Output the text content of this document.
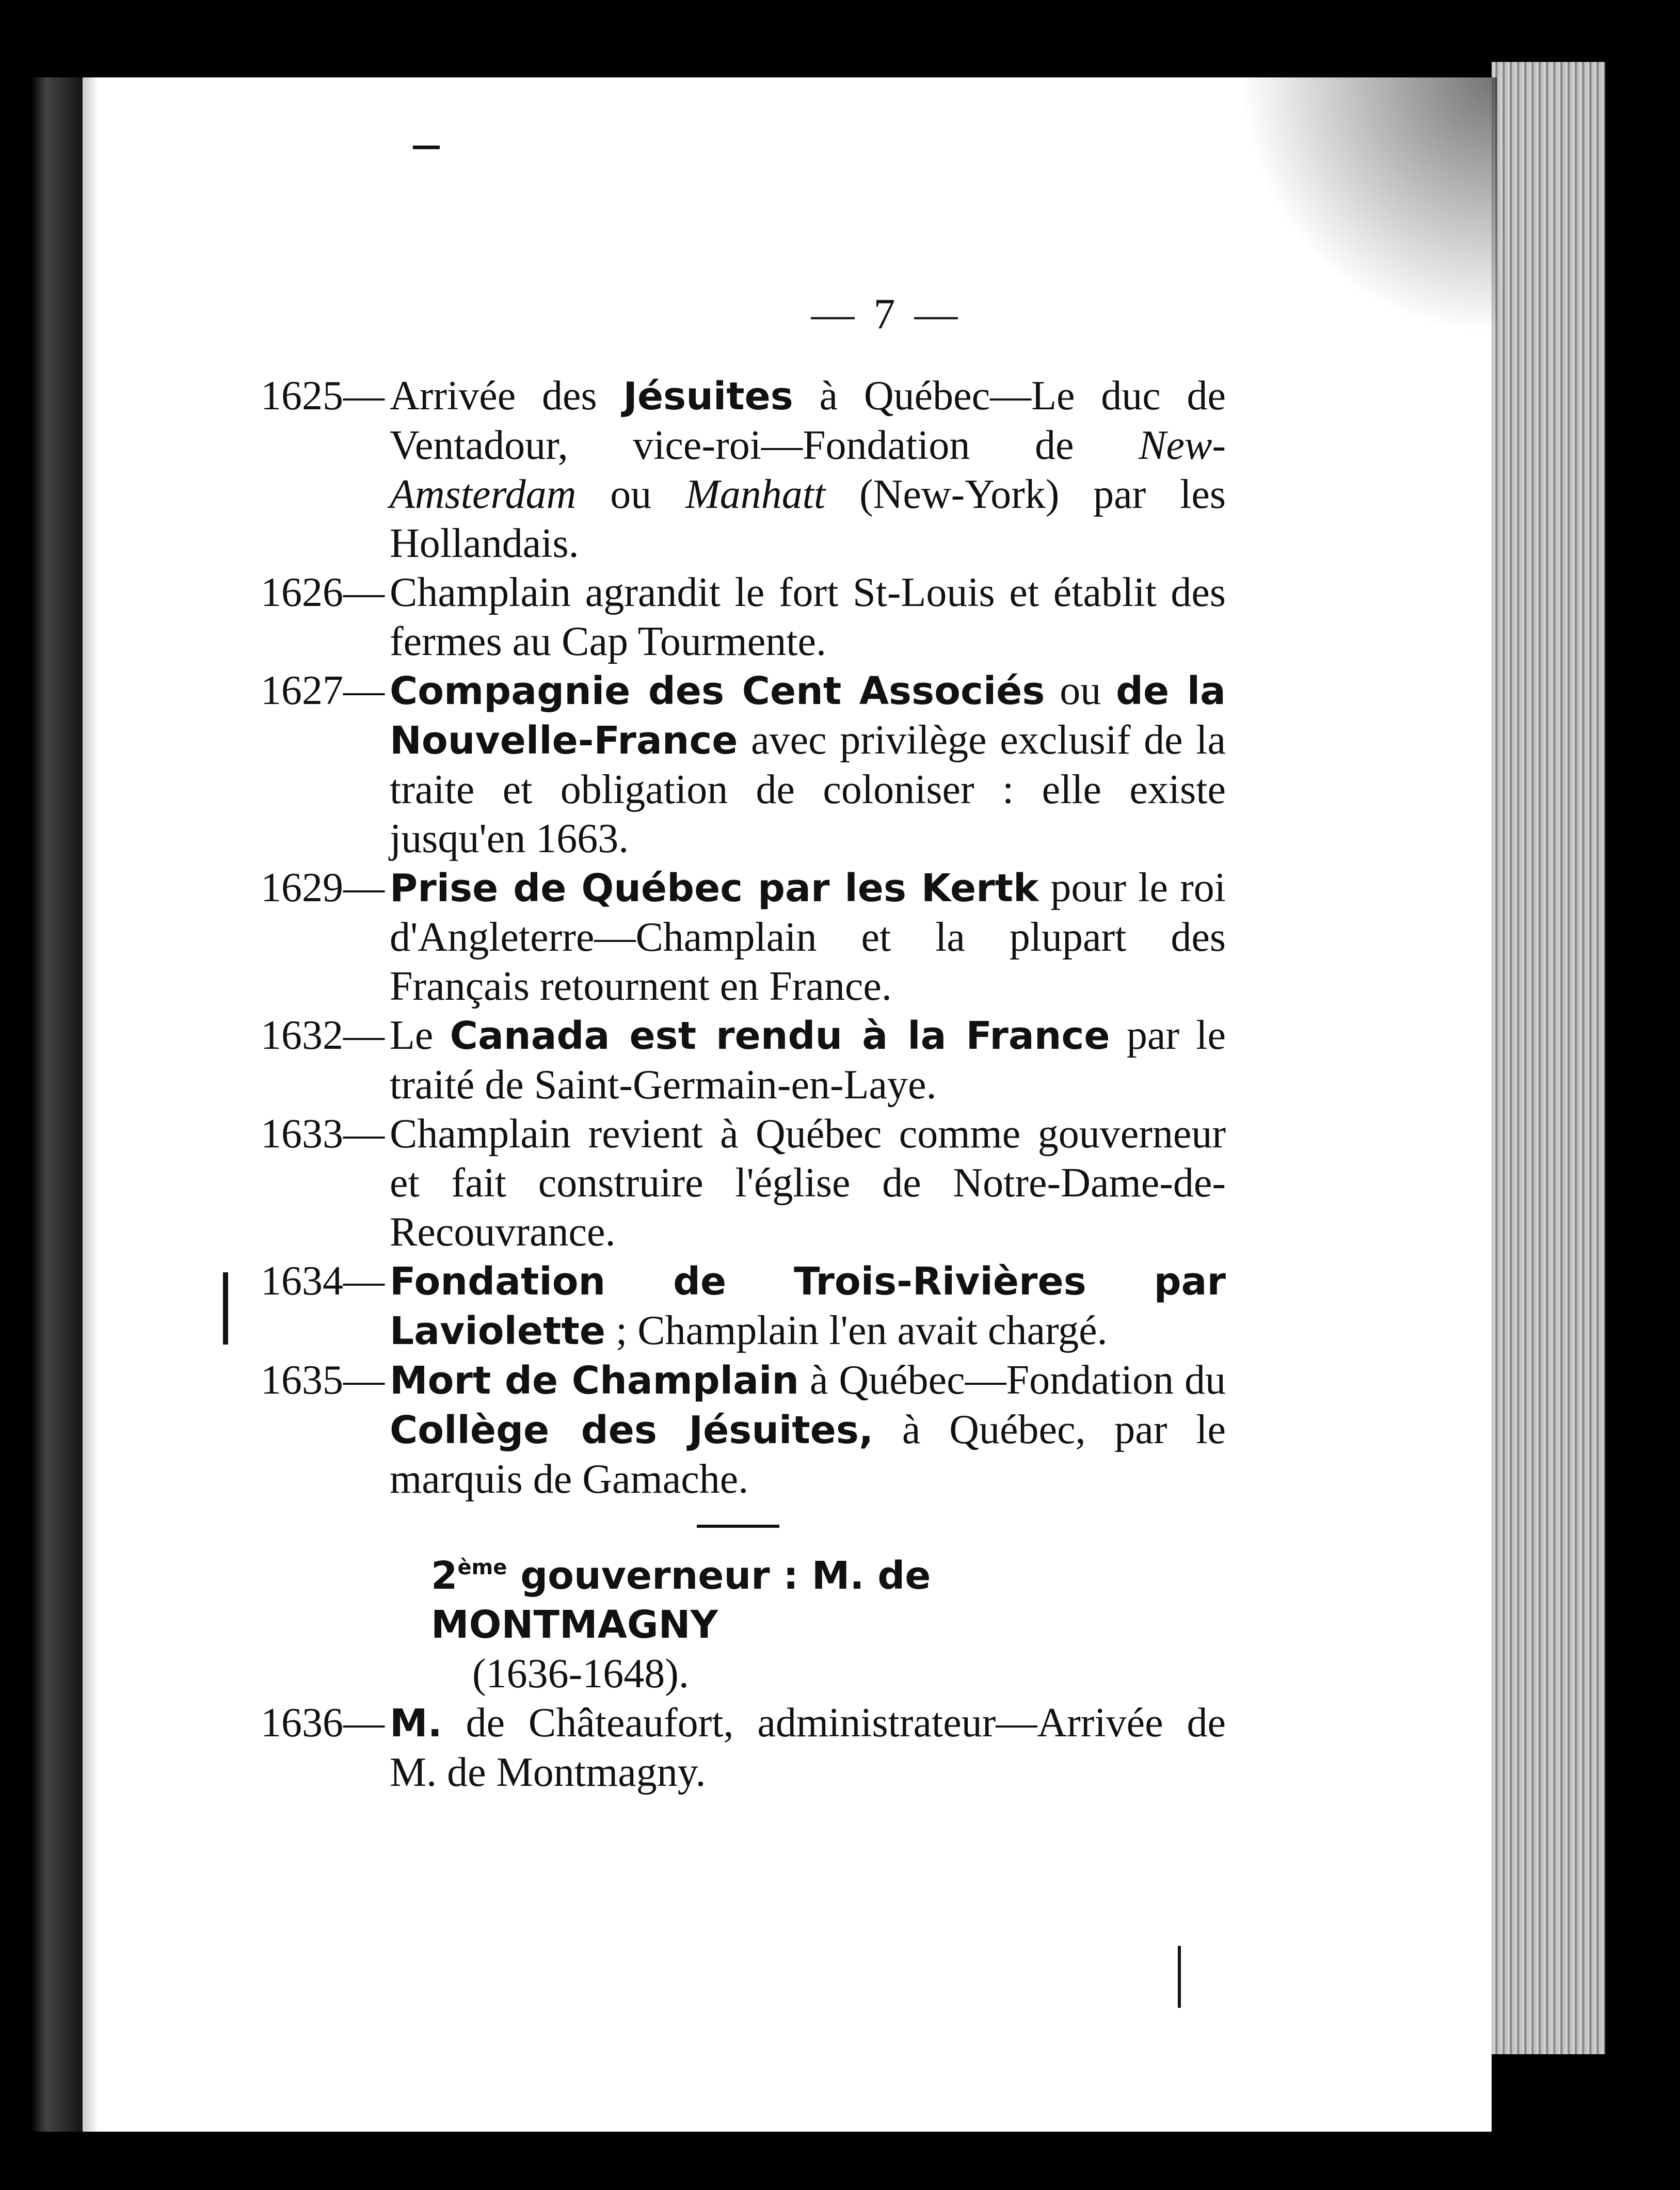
— 7 —
1625— Arrivée des Jésuites à Québec—Le duc de Ventadour, vice-roi—Fondation de New-Amsterdam ou Manhatt (New-York) par les Hollandais.
1626— Champlain agrandit le fort St-Louis et établit des fermes au Cap Tourmente.
1627— Compagnie des Cent Associés ou de la Nouvelle-France avec privilège exclusif de la traite et obligation de coloniser : elle existe jusqu'en 1663.
1629— Prise de Québec par les Kertk pour le roi d'Angleterre—Champlain et la plupart des Français retournent en France.
1632— Le Canada est rendu à la France par le traité de Saint-Germain-en-Laye.
1633— Champlain revient à Québec comme gouverneur et fait construire l'église de Notre-Dame-de-Recouvrance.
1634— Fondation de Trois-Rivières par Laviolette ; Champlain l'en avait chargé.
1635— Mort de Champlain à Québec—Fondation du Collège des Jésuites, à Québec, par le marquis de Gamache.
2ème gouverneur : M. de MONTMAGNY
(1636-1648).
1636— M. de Châteaufort, administrateur—Arrivée de M. de Montmagny.
